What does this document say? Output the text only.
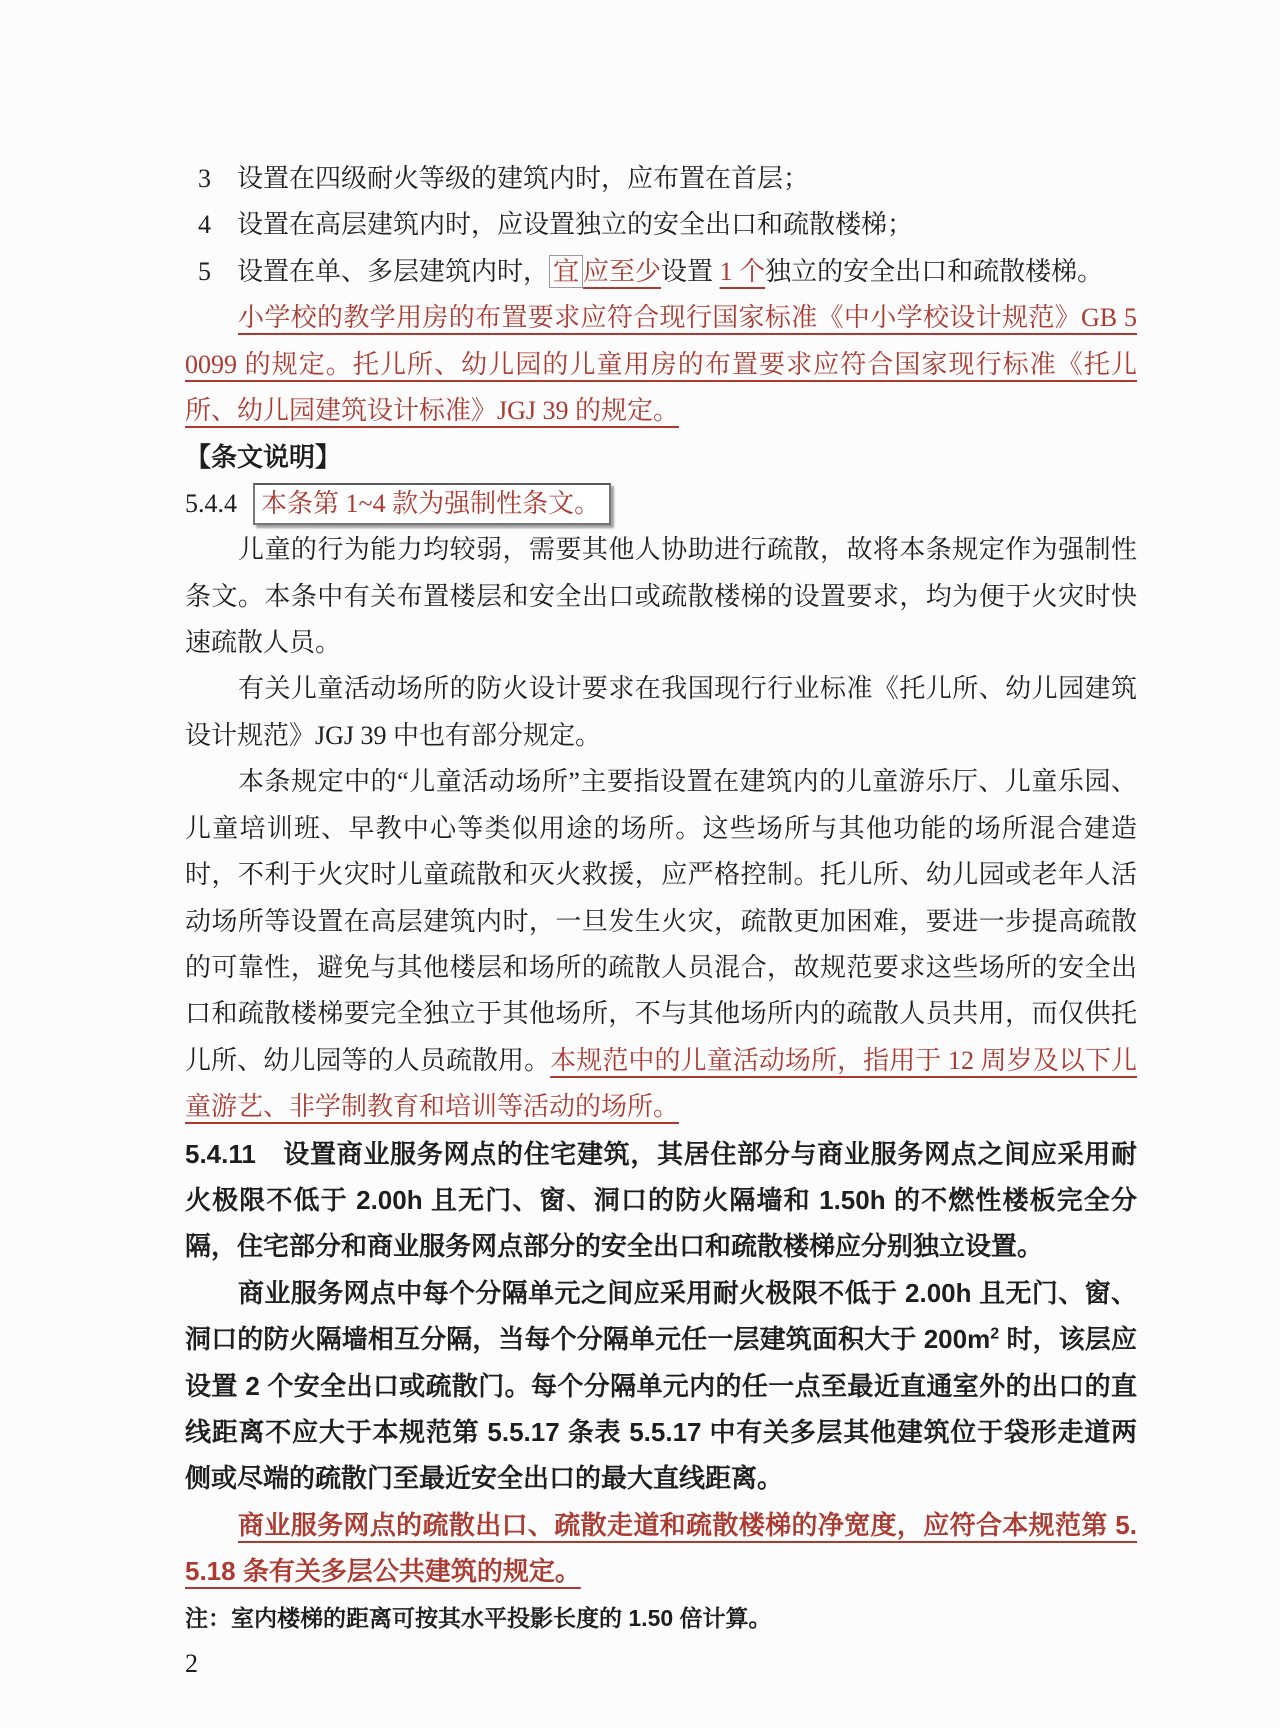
3　设置在四级耐火等级的建筑内时，应布置在首层；

4　设置在高层建筑内时，应设置独立的安全出口和疏散楼梯；

5　设置在单、多层建筑内时， 宜 应至少设置 1 个独立的安全出口和疏散楼梯。

小学校的教学用房的布置要求应符合现行国家标准《中小学校设计规范》GB 50099 的规定。托儿所、幼儿园的儿童用房的布置要求应符合国家现行标准《托儿所、幼儿园建筑设计标准》JGJ 39 的规定。

【条文说明】

5.4.4 本条第 1~4 款为强制性条文。

儿童的行为能力均较弱，需要其他人协助进行疏散，故将本条规定作为强制性条文。本条中有关布置楼层和安全出口或疏散楼梯的设置要求，均为便于火灾时快速疏散人员。

有关儿童活动场所的防火设计要求在我国现行行业标准《托儿所、幼儿园建筑设计规范》JGJ 39 中也有部分规定。

本条规定中的“儿童活动场所”主要指设置在建筑内的儿童游乐厅、儿童乐园、儿童培训班、早教中心等类似用途的场所。这些场所与其他功能的场所混合建造时，不利于火灾时儿童疏散和灭火救援，应严格控制。托儿所、幼儿园或老年人活动场所等设置在高层建筑内时，一旦发生火灾，疏散更加困难，要进一步提高疏散的可靠性，避免与其他楼层和场所的疏散人员混合，故规范要求这些场所的安全出口和疏散楼梯要完全独立于其他场所，不与其他场所内的疏散人员共用，而仅供托儿所、幼儿园等的人员疏散用。本规范中的儿童活动场所，指用于 12 周岁及以下儿童游艺、非学制教育和培训等活动的场所。

5.4.11　设置商业服务网点的住宅建筑，其居住部分与商业服务网点之间应采用耐火极限不低于 2.00h 且无门、窗、洞口的防火隔墙和 1.50h 的不燃性楼板完全分隔，住宅部分和商业服务网点部分的安全出口和疏散楼梯应分别独立设置。

商业服务网点中每个分隔单元之间应采用耐火极限不低于 2.00h 且无门、窗、洞口的防火隔墙相互分隔，当每个分隔单元任一层建筑面积大于 $200m^2$ 时，该层应设置 2 个安全出口或疏散门。每个分隔单元内的任一点至最近直通室外的出口的直线距离不应大于本规范第 5.5.17 条表 5.5.17 中有关多层其他建筑位于袋形走道两侧或尽端的疏散门至最近安全出口的最大直线距离。

商业服务网点的疏散出口、疏散走道和疏散楼梯的净宽度，应符合本规范第 5.5.18 条有关多层公共建筑的规定。

注：室内楼梯的距离可按其水平投影长度的 1.50 倍计算。

2
